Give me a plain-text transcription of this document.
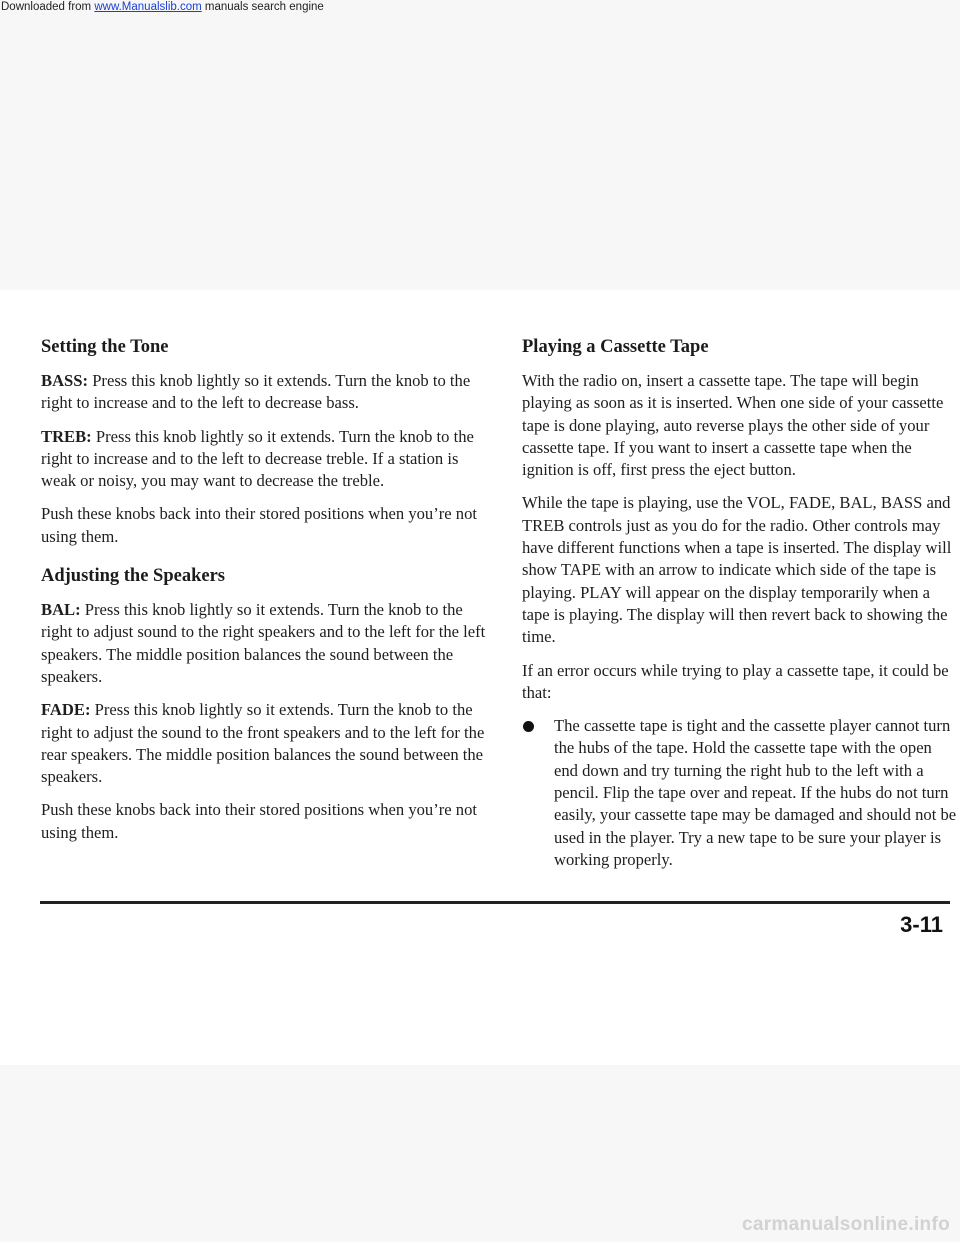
Downloaded from www.Manualslib.com manuals search engine
Setting the Tone

BASS: Press this knob lightly so it extends. Turn the knob to the right to increase and to the left to decrease bass.

TREB: Press this knob lightly so it extends. Turn the knob to the right to increase and to the left to decrease treble. If a station is weak or noisy, you may want to decrease the treble.

Push these knobs back into their stored positions when you’re not using them.

Adjusting the Speakers

BAL: Press this knob lightly so it extends. Turn the knob to the right to adjust sound to the right speakers and to the left for the left speakers. The middle position balances the sound between the speakers.

FADE: Press this knob lightly so it extends. Turn the knob to the right to adjust the sound to the front speakers and to the left for the rear speakers. The middle position balances the sound between the speakers.

Push these knobs back into their stored positions when you’re not using them.

Playing a Cassette Tape

With the radio on, insert a cassette tape. The tape will begin playing as soon as it is inserted. When one side of your cassette tape is done playing, auto reverse plays the other side of your cassette tape. If you want to insert a cassette tape when the ignition is off, first press the eject button.

While the tape is playing, use the VOL, FADE, BAL, BASS and TREB controls just as you do for the radio. Other controls may have different functions when a tape is inserted. The display will show TAPE with an arrow to indicate which side of the tape is playing. PLAY will appear on the display temporarily when a tape is playing. The display will then revert back to showing the time.

If an error occurs while trying to play a cassette tape, it could be that:

The cassette tape is tight and the cassette player cannot turn the hubs of the tape. Hold the cassette tape with the open end down and try turning the right hub to the left with a pencil. Flip the tape over and repeat. If the hubs do not turn easily, your cassette tape may be damaged and should not be used in the player. Try a new tape to be sure your player is working properly.
3-11
carmanualsonline.info
